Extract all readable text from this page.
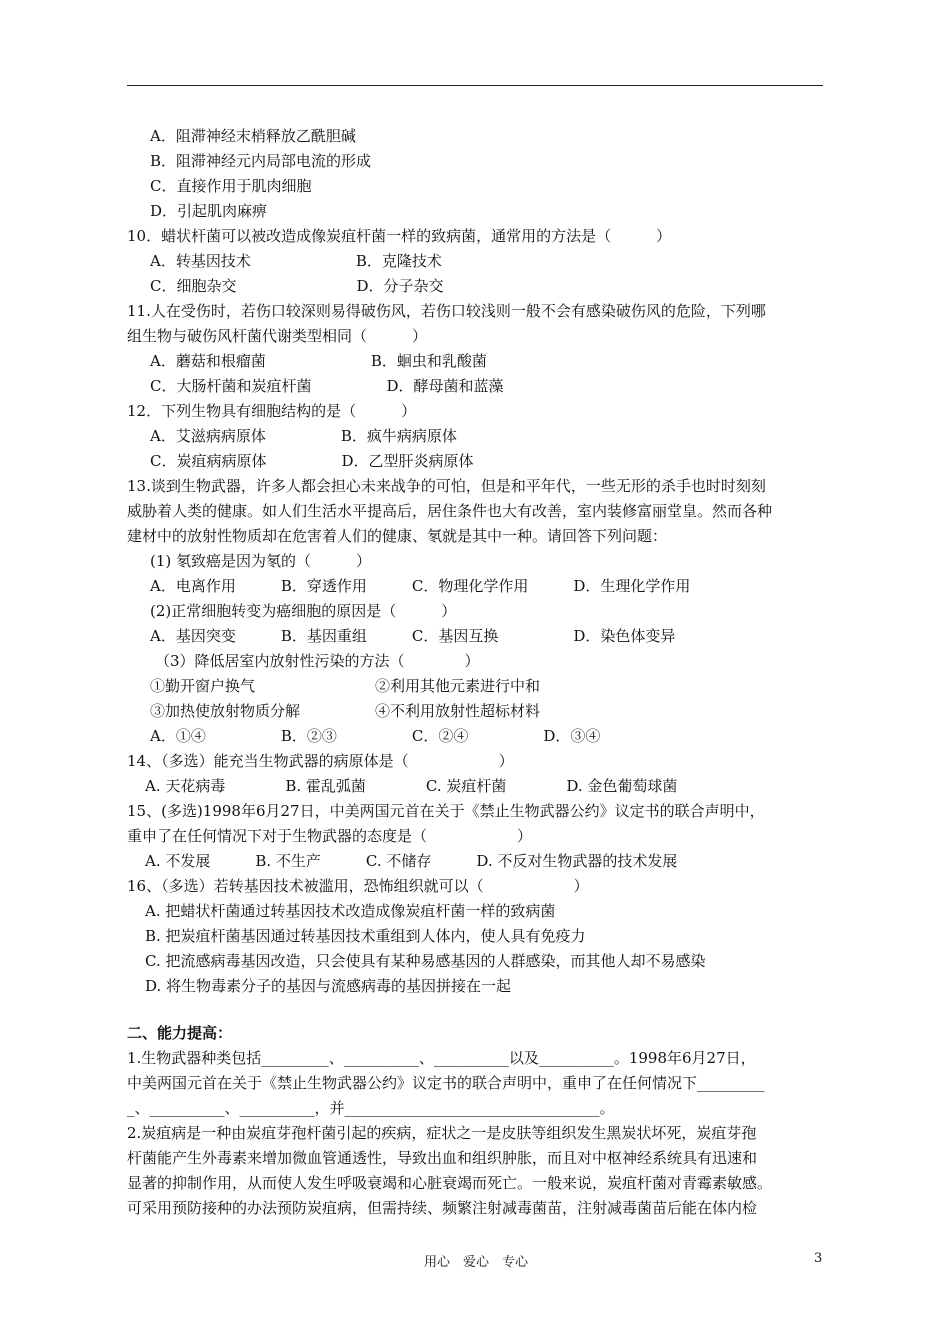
A．阻滞神经末梢释放乙酰胆碱
B．阻滞神经元内局部电流的形成
C．直接作用于肌肉细胞
D．引起肌肉麻痹
10．蜡状杆菌可以被改造成像炭疽杆菌一样的致病菌，通常用的方法是（　　　）
A．转基因技术　　　　　　　B．克隆技术
C．细胞杂交　　　　　　　　D．分子杂交
11.人在受伤时，若伤口较深则易得破伤风，若伤口较浅则一般不会有感染破伤风的危险，下列哪
组生物与破伤风杆菌代谢类型相同（　　　）
A．蘑菇和根瘤菌　　　　　　　B．蛔虫和乳酸菌
C．大肠杆菌和炭疽杆菌　　　　　D．酵母菌和蓝藻
12．下列生物具有细胞结构的是（　　　）
A．艾滋病病原体　　　　　B．疯牛病病原体
C．炭疽病病原体　　　　　D．乙型肝炎病原体
13.谈到生物武器，许多人都会担心未来战争的可怕，但是和平年代，一些无形的杀手也时时刻刻
威胁着人类的健康。如人们生活水平提高后，居住条件也大有改善，室内装修富丽堂皇。然而各种
建材中的放射性物质却在危害着人们的健康、氡就是其中一种。请回答下列问题：
(1) 氡致癌是因为氡的（　　　）
A．电离作用　　　B．穿透作用　　　C．物理化学作用　　　D．生理化学作用
(2)正常细胞转变为癌细胞的原因是（　　　）
A．基因突变　　　B．基因重组　　　C．基因互换　　　　　D．染色体变异
（3）降低居室内放射性污染的方法（　　　　）
①勤开窗户换气　　　　　　　　②利用其他元素进行中和
③加热使放射物质分解　　　　　④不利用放射性超标材料
A．①④　　　　　B．②③　　　　　C．②④　　　　　D．③④
14、（多选）能充当生物武器的病原体是（　　　　　　）
A. 天花病毒　　　　B. 霍乱弧菌　　　　C. 炭疽杆菌　　　　D. 金色葡萄球菌
15、(多选)1998年6月27日，中美两国元首在关于《禁止生物武器公约》议定书的联合声明中，
重申了在任何情况下对于生物武器的态度是（　　　　　　）
A. 不发展　　　B. 不生产　　　C. 不储存　　　D. 不反对生物武器的技术发展
16、（多选）若转基因技术被滥用，恐怖组织就可以（　　　　　　）
A. 把蜡状杆菌通过转基因技术改造成像炭疽杆菌一样的致病菌
B. 把炭疽杆菌基因通过转基因技术重组到人体内，使人具有免疫力
C. 把流感病毒基因改造，只会使具有某种易感基因的人群感染，而其他人却不易感染
D. 将生物毒素分子的基因与流感病毒的基因拼接在一起
二、能力提高：
1.生物武器种类包括_________、__________、__________以及__________。1998年6月27日，
中美两国元首在关于《禁止生物武器公约》议定书的联合声明中，重申了在任何情况下_________
_、__________、__________，并__________________________________。
2.炭疽病是一种由炭疽芽孢杆菌引起的疾病，症状之一是皮肤等组织发生黑炭状坏死，炭疽芽孢
杆菌能产生外毒素来增加微血管通透性，导致出血和组织肿胀，而且对中枢神经系统具有迅速和
显著的抑制作用，从而使人发生呼吸衰竭和心脏衰竭而死亡。一般来说，炭疽杆菌对青霉素敏感。
可采用预防接种的办法预防炭疽病，但需持续、频繁注射减毒菌苗，注射减毒菌苗后能在体内检
用心　爱心　专心	3
